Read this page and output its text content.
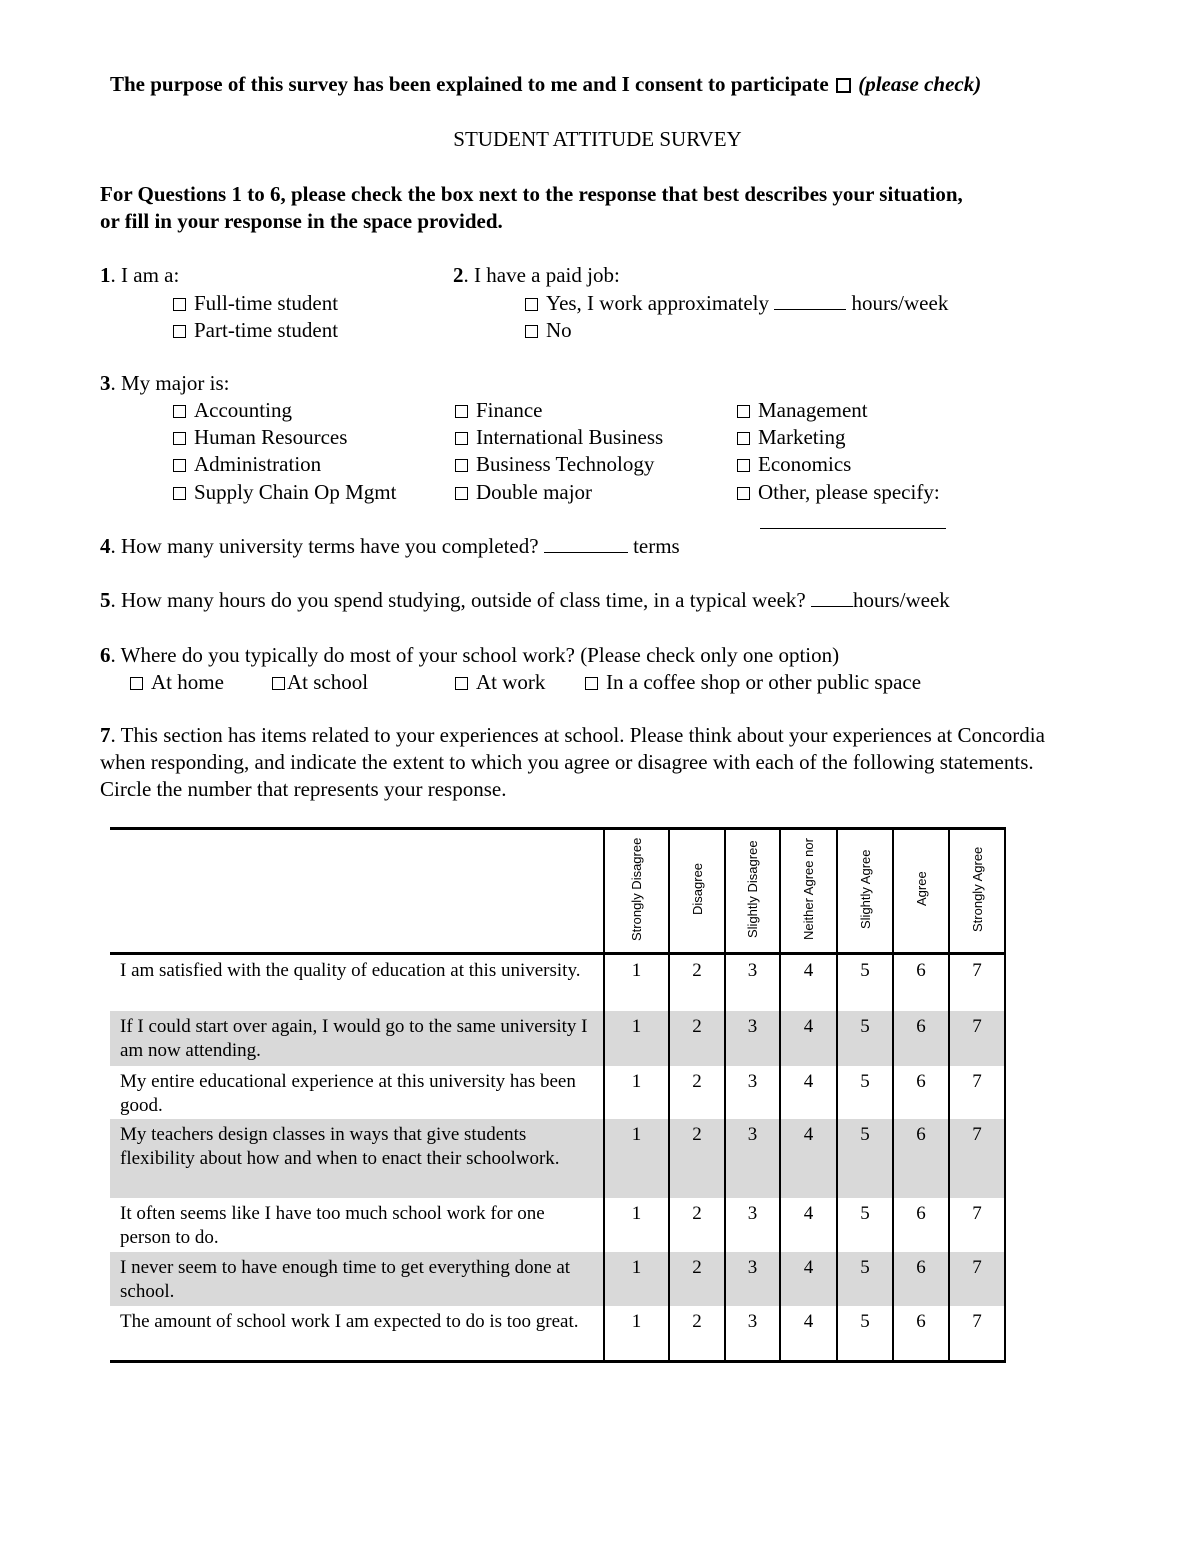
The purpose of this survey has been explained to me and I consent to participate (please check)
STUDENT ATTITUDE SURVEY
For Questions 1 to 6, please check the box next to the response that best describes your situation,
or fill in your response in the space provided.
1. I am a:
Full-time student
Part-time student
2. I have a paid job:
Yes, I work approximately	hours/week
No
3. My major is:
Accounting
Human Resources
Administration
Supply Chain Op Mgmt
Finance
International Business
Business Technology
Double major
Management
Marketing
Economics
Other, please specify:
4. How many university terms have you completed?	terms
5. How many hours do you spend studying, outside of class time, in a typical week? hours/week
6. Where do you typically do most of your school work? (Please check only one option)
At home	At school	At work	In a coffee shop or other public space
7. This section has items related to your experiences at school. Please think about your experiences at Concordia when responding, and indicate the extent to which you agree or disagree with each of the following statements. Circle the number that represents your response.

	Strongly Disagree	Disagree	Slightly Disagree	Neither Agree nor	Slightly Agree	Agree	Strongly Agree

I am satisfied with the quality of education at this university.	1	2	3	4	5	6	7
If I could start over again, I would go to the same university I am now attending.	1	2	3	4	5	6	7
My entire educational experience at this university has been good.	1	2	3	4	5	6	7
My teachers design classes in ways that give students flexibility about how and when to enact their schoolwork.	1	2	3	4	5	6	7
It often seems like I have too much school work for one person to do.	1	2	3	4	5	6	7
I never seem to have enough time to get everything done at school.	1	2	3	4	5	6	7
The amount of school work I am expected to do is too great.	1	2	3	4	5	6	7
